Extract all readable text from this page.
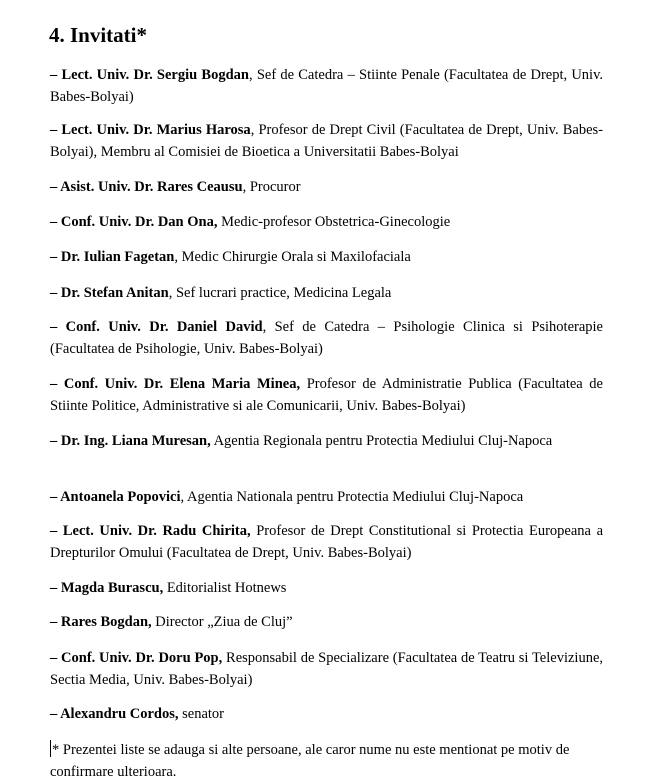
4. Invitati*

– Lect. Univ. Dr. Sergiu Bogdan, Sef de Catedra – Stiinte Penale (Facultatea de Drept, Univ. Babes-Bolyai)

– Lect. Univ. Dr. Marius Harosa, Profesor de Drept Civil (Facultatea de Drept, Univ. Babes-Bolyai), Membru al Comisiei de Bioetica a Universitatii Babes-Bolyai

– Asist. Univ. Dr. Rares Ceausu, Procuror

– Conf. Univ. Dr. Dan Ona, Medic-profesor Obstetrica-Ginecologie

– Dr. Iulian Fagetan, Medic Chirurgie Orala si Maxilofaciala

– Dr. Stefan Anitan, Sef lucrari practice, Medicina Legala

– Conf. Univ. Dr. Daniel David, Sef de Catedra – Psihologie Clinica si Psihoterapie (Facultatea de Psihologie, Univ. Babes-Bolyai)

– Conf. Univ. Dr. Elena Maria Minea, Profesor de Administratie Publica (Facultatea de Stiinte Politice, Administrative si ale Comunicarii, Univ. Babes-Bolyai)

– Dr. Ing. Liana Muresan, Agentia Regionala pentru Protectia Mediului Cluj-Napoca

– Antoanela Popovici, Agentia Nationala pentru Protectia Mediului Cluj-Napoca

– Lect. Univ. Dr. Radu Chirita, Profesor de Drept Constitutional si Protectia Europeana a Drepturilor Omului (Facultatea de Drept, Univ. Babes-Bolyai)

– Magda Burascu, Editorialist Hotnews

– Rares Bogdan, Director „Ziua de Cluj”

– Conf. Univ. Dr. Doru Pop, Responsabil de Specializare (Facultatea de Teatru si Televiziune, Sectia Media, Univ. Babes-Bolyai)

– Alexandru Cordos, senator

* Prezentei liste se adauga si alte persoane, ale caror nume nu este mentionat pe motiv de confirmare ulterioara.
